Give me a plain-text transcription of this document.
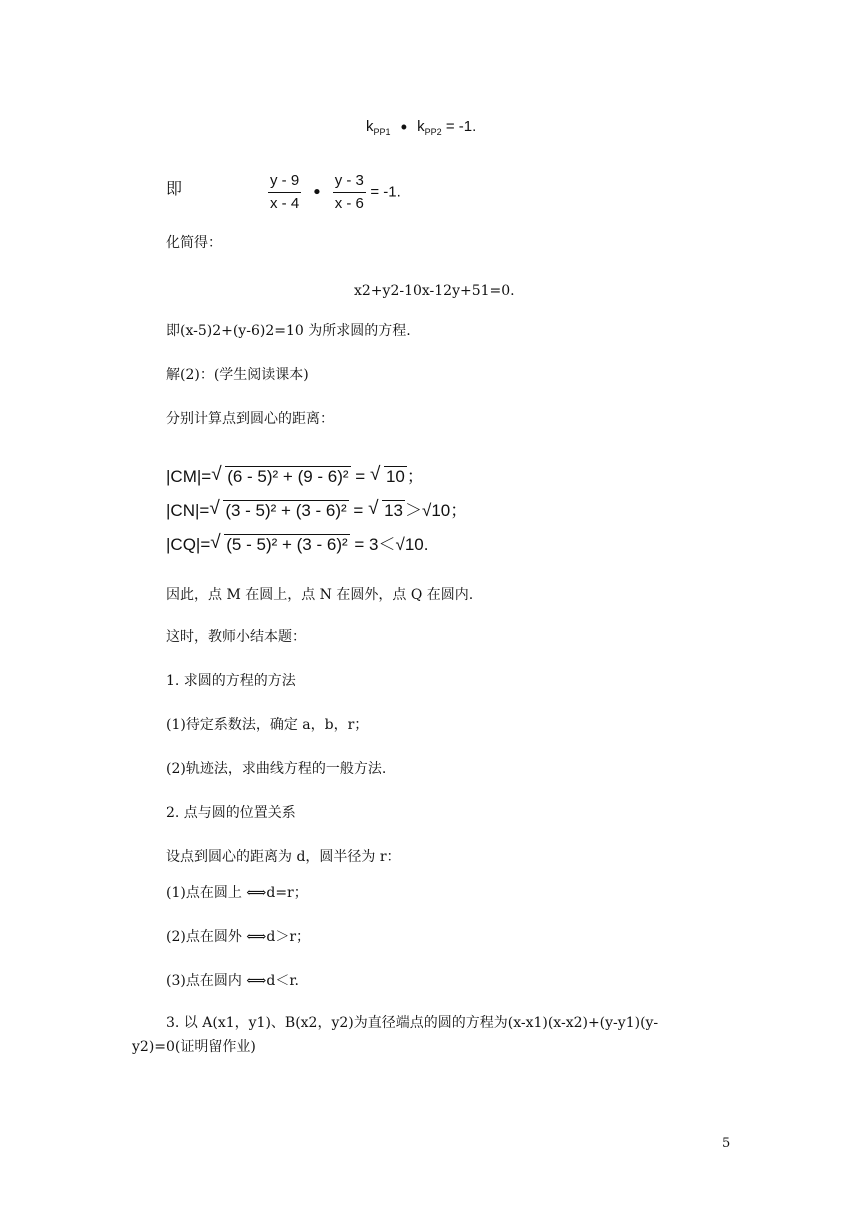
$k_{PP1}$ • $k_{PP2} = -1$.
即	$\frac{y - 9}{x - 4}$ • $\frac{y - 3}{x - 6} = -1$.
化简得：
x2+y2-10x-12y+51=0.
即(x-5)2+(y-6)2=10 为所求圆的方程.
解(2)：(学生阅读课本)
分别计算点到圆心的距离：
|CM|= √ (6 - 5)² + (9 - 6)² = √ 10 ；
|CN|= √ (3 - 5)² + (3 - 6)² = √ 13 ＞√10；
|CQ|= √ (5 - 5)² + (3 - 6)² = 3＜√10.
因此，点 M 在圆上，点 N 在圆外，点 Q 在圆内.
这时，教师小结本题：
1. 求圆的方程的方法
(1)待定系数法，确定 a，b，r；
(2)轨迹法，求曲线方程的一般方法.
2. 点与圆的位置关系
设点到圆心的距离为 d，圆半径为 r：
(1)点在圆上 ⟺d=r；
(2)点在圆外 ⟺d＞r；
(3)点在圆内 ⟺d＜r.
3. 以 A(x1，y1)、B(x2，y2)为直径端点的圆的方程为(x-x1)(x-x2)+(y-y1)(y-
y2)=0(证明留作业)
5
